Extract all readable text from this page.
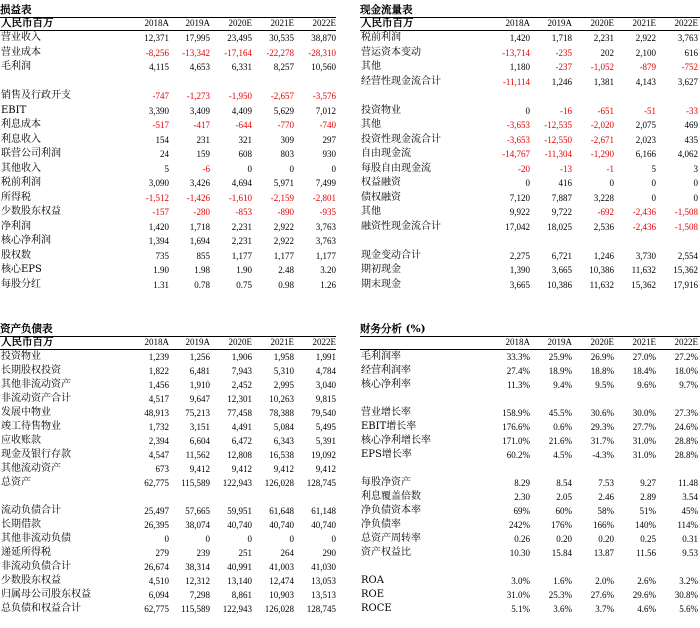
损益表
人民币百万	2018A	2019A	2020E	2021E	2022E
营业收入	12,371	17,995	23,495	30,535	38,870
营业成本	-8,256	-13,342	-17,164	-22,278	-28,310
毛利润	4,115	4,653	6,331	8,257	10,560
销售及行政开支	-747	-1,273	-1,950	-2,657	-3,576
EBIT	3,390	3,409	4,409	5,629	7,012
利息成本	-517	-417	-644	-770	-740
利息收入	154	231	321	309	297
联营公司利润	24	159	608	803	930
其他收入	5	-6	0	0	0
税前利润	3,090	3,426	4,694	5,971	7,499
所得税	-1,512	-1,426	-1,610	-2,159	-2,801
少数股东权益	-157	-280	-853	-890	-935
净利润	1,420	1,718	2,231	2,922	3,763
核心净利润	1,394	1,694	2,231	2,922	3,763
股权数	735	855	1,177	1,177	1,177
核心EPS	1.90	1.98	1.90	2.48	3.20
每股分红	1.31	0.78	0.75	0.98	1.26
现金流量表
人民币百万	2018A	2019A	2020E	2021E	2022E
税前利润	1,420	1,718	2,231	2,922	3,763
营运资本变动	-13,714	-235	202	2,100	616
其他	1,180	-237	-1,052	-879	-752
经营性现金流合计	-11,114	1,246	1,381	4,143	3,627
投资物业	0	-16	-651	-51	-33
其他	-3,653	-12,535	-2,020	2,075	469
投资性现金流合计	-3,653	-12,550	-2,671	2,023	435
自由现金流	-14,767	-11,304	-1,290	6,166	4,062
每股自由现金流	-20	-13	-1	5	3
权益融资	0	416	0	0	0
债权融资	7,120	7,887	3,228	0	0
其他	9,922	9,722	-692	-2,436	-1,508
融资性现金流合计	17,042	18,025	2,536	-2,436	-1,508
现金变动合计	2,275	6,721	1,246	3,730	2,554
期初现金	1,390	3,665	10,386	11,632	15,362
期末现金	3,665	10,386	11,632	15,362	17,916
资产负债表
人民币百万	2018A	2019A	2020E	2021E	2022E
投资物业	1,239	1,256	1,906	1,958	1,991
长期股权投资	1,822	6,481	7,943	5,310	4,784
其他非流动资产	1,456	1,910	2,452	2,995	3,040
非流动资产合计	4,517	9,647	12,301	10,263	9,815
发展中物业	48,913	75,213	77,458	78,388	79,540
竣工待售物业	1,732	3,151	4,491	5,084	5,495
应收账款	2,394	6,604	6,472	6,343	5,391
现金及银行存款	4,547	11,562	12,808	16,538	19,092
其他流动资产	673	9,412	9,412	9,412	9,412
总资产	62,775	115,589	122,943	126,028	128,745
流动负债合计	25,497	57,665	59,951	61,648	61,148
长期借款	26,395	38,074	40,740	40,740	40,740
其他非流动负债	0	0	0	0	0
递延所得税	279	239	251	264	290
非流动负债合计	26,674	38,314	40,991	41,003	41,030
少数股东权益	4,510	12,312	13,140	12,474	13,053
归属母公司股东权益	6,094	7,298	8,861	10,903	13,513
总负债和权益合计	62,775	115,589	122,943	126,028	128,745
财务分析 (%)
2018A	2019A	2020E	2021E	2022E
毛利润率	33.3%	25.9%	26.9%	27.0%	27.2%
经营利润率	27.4%	18.9%	18.8%	18.4%	18.0%
核心净利率	11.3%	9.4%	9.5%	9.6%	9.7%
营业增长率	158.9%	45.5%	30.6%	30.0%	27.3%
EBIT增长率	176.6%	0.6%	29.3%	27.7%	24.6%
核心净利增长率	171.0%	21.6%	31.7%	31.0%	28.8%
EPS增长率	60.2%	4.5%	-4.3%	31.0%	28.8%
每股净资产	8.29	8.54	7.53	9.27	11.48
利息覆盖倍数	2.30	2.05	2.46	2.89	3.54
净负债资本率	69%	60%	58%	51%	45%
净负债率	242%	176%	166%	140%	114%
总资产周转率	0.26	0.20	0.20	0.25	0.31
资产权益比	10.30	15.84	13.87	11.56	9.53
ROA	3.0%	1.6%	2.0%	2.6%	3.2%
ROE	31.0%	25.3%	27.6%	29.6%	30.8%
ROCE	5.1%	3.6%	3.7%	4.6%	5.6%
